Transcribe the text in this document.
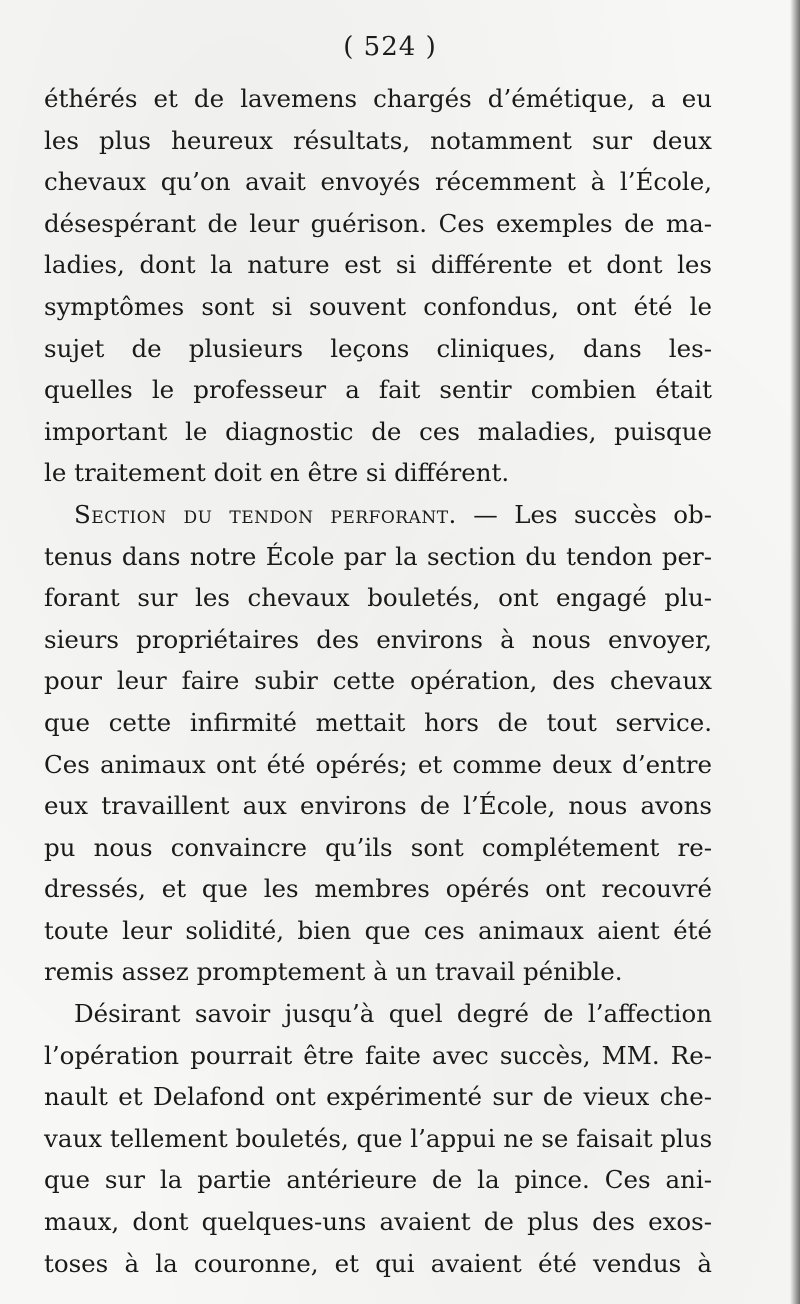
( 524 )
éthérés et de lavemens chargés d’émétique, a eu
les plus heureux résultats, notamment sur deux
chevaux qu’on avait envoyés récemment à l’École,
désespérant de leur guérison. Ces exemples de ma-
ladies, dont la nature est si différente et dont les
symptômes sont si souvent confondus, ont été le
sujet de plusieurs leçons cliniques, dans les-
quelles le professeur a fait sentir combien était
important le diagnostic de ces maladies, puisque
le traitement doit en être si différent.
Section du tendon perforant. — Les succès ob-
tenus dans notre École par la section du tendon per-
forant sur les chevaux bouletés, ont engagé plu-
sieurs propriétaires des environs à nous envoyer,
pour leur faire subir cette opération, des chevaux
que cette infirmité mettait hors de tout service.
Ces animaux ont été opérés; et comme deux d’entre
eux travaillent aux environs de l’École, nous avons
pu nous convaincre qu’ils sont complétement re-
dressés, et que les membres opérés ont recouvré
toute leur solidité, bien que ces animaux aient été
remis assez promptement à un travail pénible.
Désirant savoir jusqu’à quel degré de l’affection
l’opération pourrait être faite avec succès, MM. Re-
nault et Delafond ont expérimenté sur de vieux che-
vaux tellement bouletés, que l’appui ne se faisait plus
que sur la partie antérieure de la pince. Ces ani-
maux, dont quelques-uns avaient de plus des exos-
toses à la couronne, et qui avaient été vendus à
